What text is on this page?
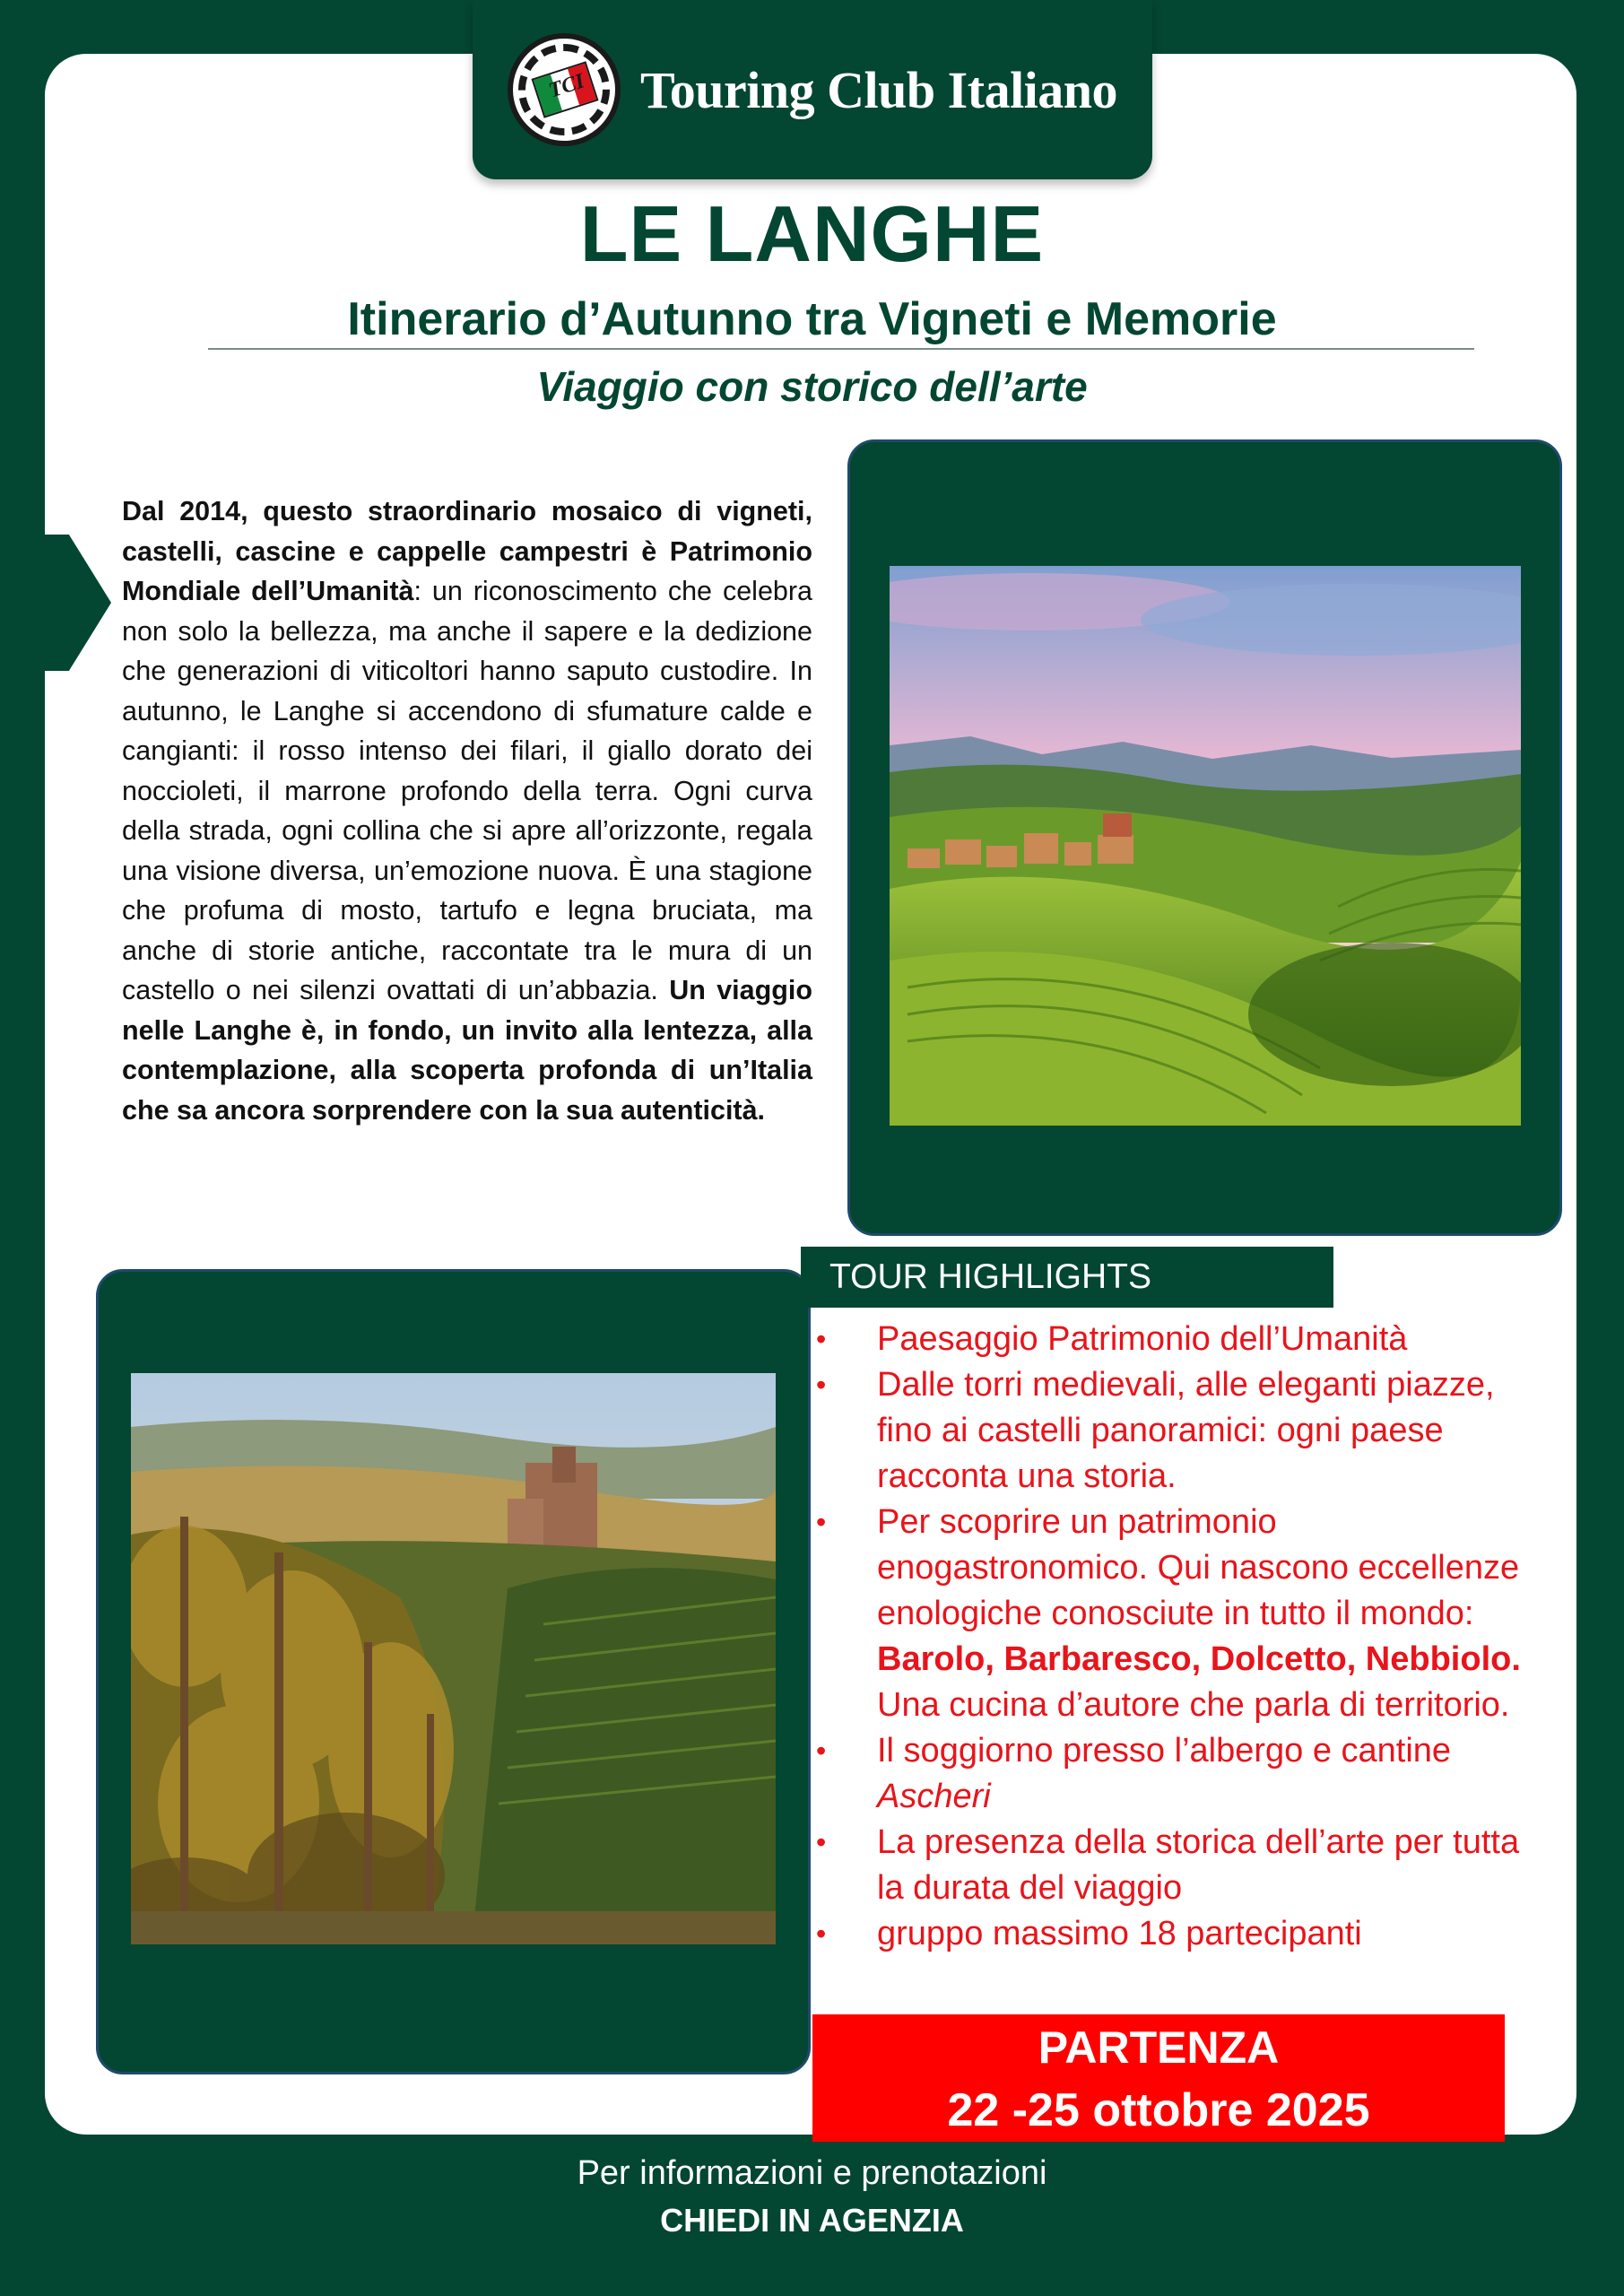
TCI Touring Club Italiano
LE LANGHE
Itinerario d’Autunno tra Vigneti e Memorie
Viaggio con storico dell’arte

Dal 2014, questo straordinario mosaico di vigneti, castelli, cascine e cappelle campestri è Patrimonio Mondiale dell’Umanità: un riconoscimento che celebra non solo la bellezza, ma anche il sapere e la dedizione che generazioni di viticoltori hanno saputo custodire. In autunno, le Langhe si accendono di sfumature calde e cangianti: il rosso intenso dei filari, il giallo dorato dei noccioleti, il marrone profondo della terra. Ogni curva della strada, ogni collina che si apre all’orizzonte, regala una visione diversa, un’emozione nuova. È una stagione che profuma di mosto, tartufo e legna bruciata, ma anche di storie antiche, raccontate tra le mura di un castello o nei silenzi ovattati di un’abbazia. Un viaggio nelle Langhe è, in fondo, un invito alla lentezza, alla contemplazione, alla scoperta profonda di un’Italia che sa ancora sorprendere con la sua autenticità.

TOUR HIGHLIGHTS
• Paesaggio Patrimonio dell’Umanità
• Dalle torri medievali, alle eleganti piazze, fino ai castelli panoramici: ogni paese racconta una storia.
• Per scoprire un patrimonio enogastronomico. Qui nascono eccellenze enologiche conosciute in tutto il mondo: Barolo, Barbaresco, Dolcetto, Nebbiolo. Una cucina d’autore che parla di territorio.
• Il soggiorno presso l’albergo e cantine Ascheri
• La presenza della storica dell’arte per tutta la durata del viaggio
• gruppo massimo 18 partecipanti
PARTENZA
22 -25 ottobre 2025
Per informazioni e prenotazioni
CHIEDI IN AGENZIA
